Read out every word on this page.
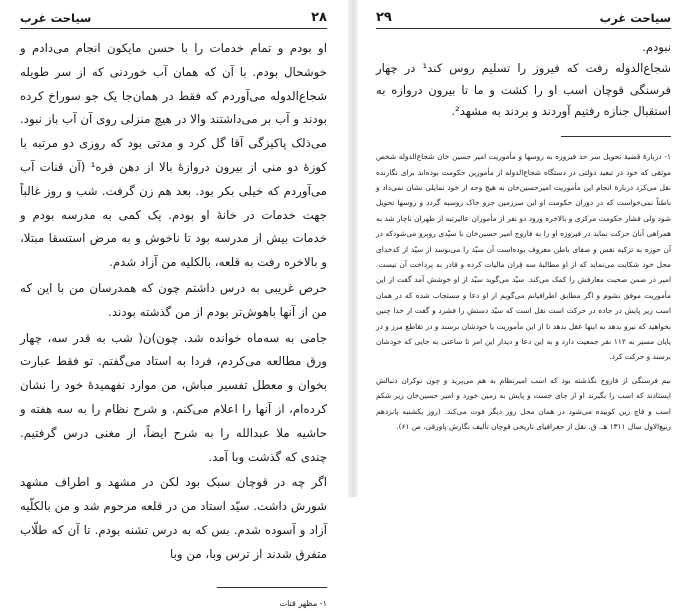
۲۸
سیاحت غرب

او بودم و تمام خدمات را با حسن مایکون انجام می‌دادم و خوشحال بودم. با آن که همان آب خوردنی که از سر طویله شجاع‌الدوله می‌آوردم که فقط در همان‌جا یک جو سوراخ کرده بودند و آب بر می‌داشتند والا در هیچ منزلی روی آن آب باز نبود. می‌ذلک پاکیزگی آقا گل کرد و مدتی بود که روزی دو مرتبه با کوزهٔ دو منی از بیرون دروازهٔ بالا از دهن فره¹ (آن قنات آب می‌آوردم که خیلی بکر بود. بعد هم زن گرفت. شب و روز غالباً جهت خدمات در خانهٔ او بودم. یک کمی به مدرسه بودم و خدمات بیش از مدرسه بود تا ناخوش و به مرض استسقا مبتلا، و بالاخره رفت به قلعه، بالکلیه من آزاد شدم.

حرص غریبی به درس داشتم چون که همدرسان من با این که من از آنها باهوش‌تر بودم از من گذشته بودند.

جامی به سه‌ماه خوانده شد. چون)ن( شب به قدر سه، چهار ورق مطالعه می‌کردم، فردا به استاد می‌گفتم. تو فقط عبارت بخوان و معطل تفسیر مباش، من موارد نفهمیدهٔ خود را نشان کرده‌ام، از آنها را اعلام می‌کنم. و شرح نظام را به سه هفته و حاشیه ملا عبدالله را به شرح ایضاً، از مغنی درس گرفتیم. چندی که گذشت وبا آمد.

اگر چه در قوچان سبک بود لکن در مشهد و اطراف مشهد شورش داشت. سیّد استاد من در قلعه مرحوم شد و من بالکلّیه آزاد و آسوده شدم. بس که به درس تشنه بودم. تا آن که طلّاب متفرق شدند از ترس وبا، من وبا

۱- مظهر قنات

سیاحت غرب
۲۹

نبودم.

شجاع‌الدوله رفت که فیروز را تسلیم روس کند¹ در چهار فرسنگی قوچان اسب او را کشت و ما تا بیرون دروازه به استقبال جنازه رفتیم آوردند و بردند به مشهد².

۱- دربارهٔ قضیهٔ تحویل سر حد فیروزه به روسها و مأموریت امیر حسین خان شجاع‌الدوله شخص موثقی که خود در تبعید دولتی در دستگاه شجاع‌الدوله از مأمورین حکومت بوده‌اند برای نگارنده نقل می‌کرد دربارهٔ انجام این مأموریت امیرحسین‌خان به هیچ وجه از خود تمایلی نشان نمی‌داد و باطناً نمی‌خواست که در دوران حکومت او این سرزمین جزو خاک روسیه گردد و روسها تحویل شود ولی فشار حکومت مرکزی و بالاخره ورود دو نفر از مأموران عالیرتبه از طهران ناچار شد به همراهی آنان حرکت نماید در فیروزه او را به فاروج امیر حسین‌خان با سیّدی روبرو می‌شودکه در آن حوزه به تزکیه نفس و صفای باطن معروف بوده‌است آن سیّد را می‌بوسد از سیّد از کدخدای محل خود شکایت می‌نماید که از او مطالبهٔ سه قِران مالیات کرده و قادر به پرداخت آن نیست. امیر در ضمن صحبت معارفش را کمک می‌کند. سیّد می‌گوید سیّد از او خوشش آمد گفت از این مأموریت موفق نشوم و اگر مطابق اطرافیانم می‌گویم از او دعا و مستجاب شده که در همان اسب زیر پایش در جاده در حرکت است نقل است که سیّد دستش را فشرد و گفت از خدا چنین بخواهید که نیرو بدهد به اینها عقل بدهد تا از این مأموریت یا خودشان برسند و در تقاطع مرز و در پایان مسیر به ۱۱۲ نفر جمعیت دارد و به این دعا و دیدار این امر تا ساعتی به جایی که خودشان برسند و حرکت کرد.

نیم فرسنگی از فاروج نگذشته بود که اسب امیرنظام به هم می‌پرید و چون نوکران دنبالش ایستادند که اسب را بگیرند او از جای جست و پایش به زمین خورد و امیر حسین‌خان زیر شکم اسب و قاچ زین کوبیده می‌شود در همان محل روز دیگر فوت می‌کند. (روز یکشنبه پانزدهم ربیع‌الاول سال ۱۳۱۱ هـ. ق. نقل از جغرافیای تاریخی قوچان تألیف نگارش پاورقی، ص ۶۱).
